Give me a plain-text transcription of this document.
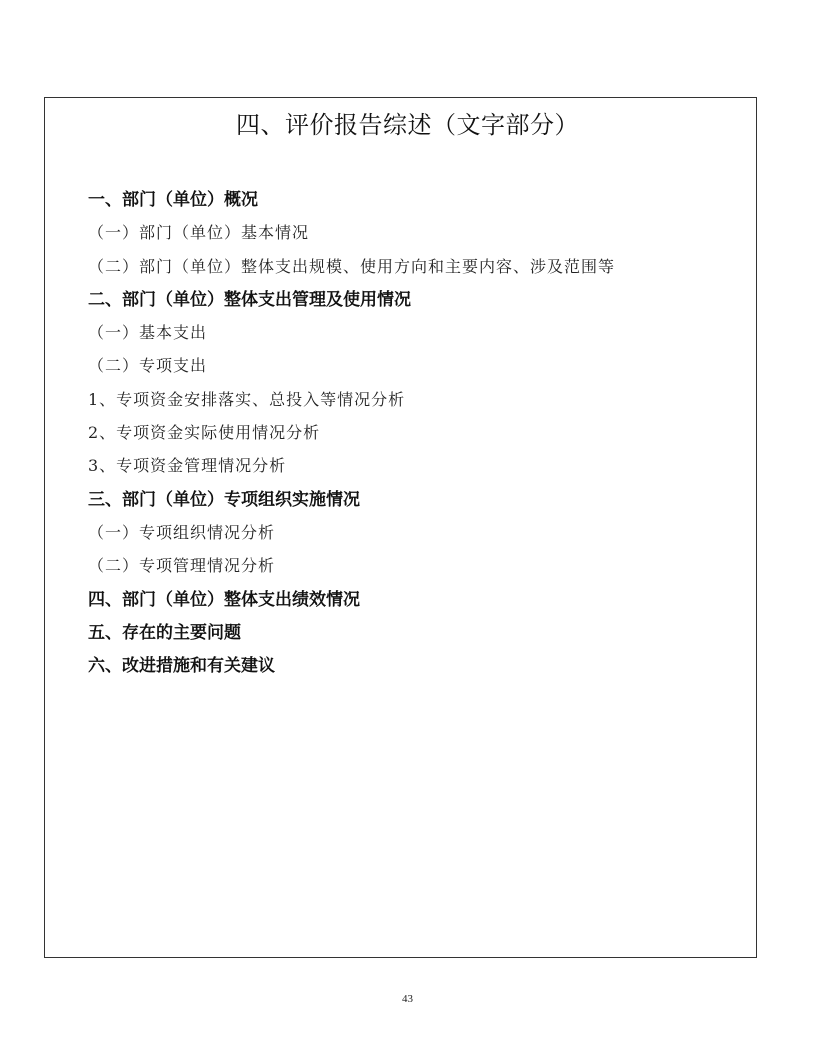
四、评价报告综述（文字部分）
一、部门（单位）概况
（一）部门（单位）基本情况
（二）部门（单位）整体支出规模、使用方向和主要内容、涉及范围等
二、部门（单位）整体支出管理及使用情况
（一）基本支出
（二）专项支出
1、专项资金安排落实、总投入等情况分析
2、专项资金实际使用情况分析
3、专项资金管理情况分析
三、部门（单位）专项组织实施情况
（一）专项组织情况分析
（二）专项管理情况分析
四、部门（单位）整体支出绩效情况
五、存在的主要问题
六、改进措施和有关建议
43
